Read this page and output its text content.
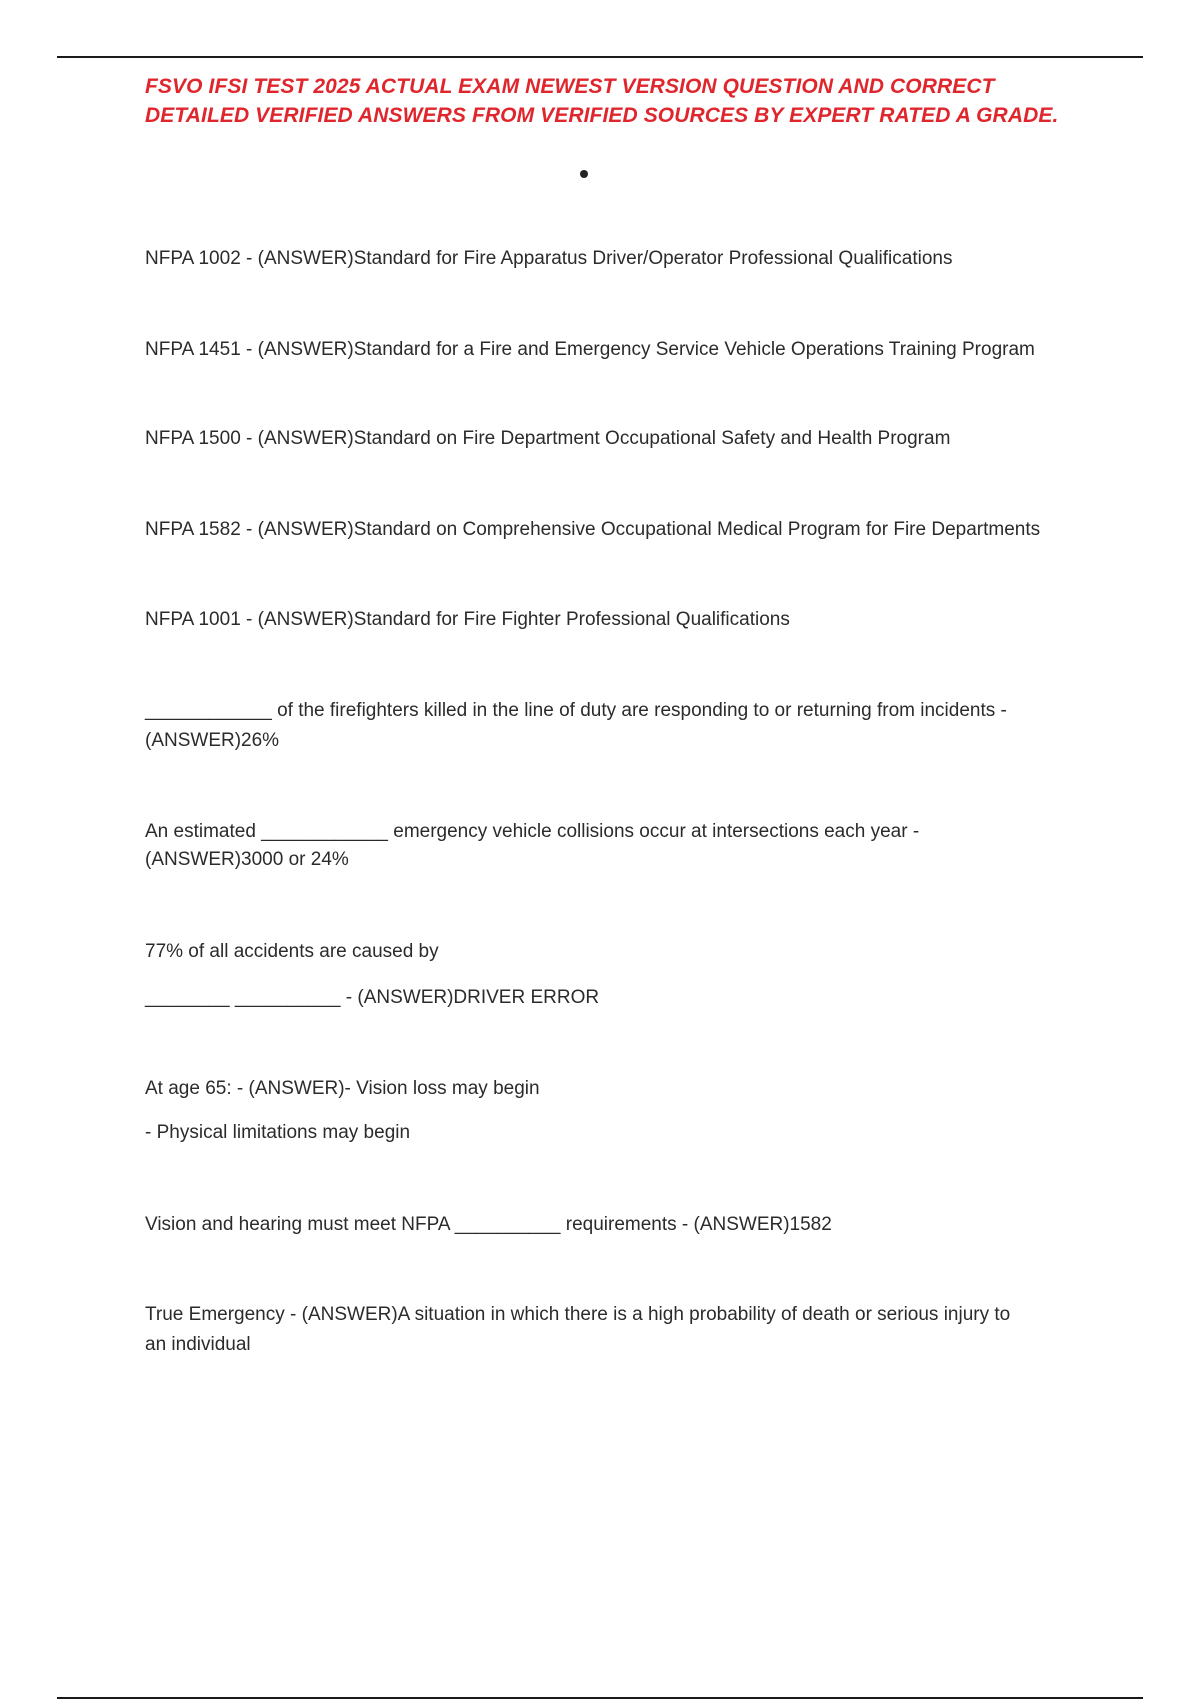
FSVO IFSI TEST 2025 ACTUAL EXAM NEWEST VERSION QUESTION AND CORRECT
DETAILED VERIFIED ANSWERS FROM VERIFIED SOURCES BY EXPERT RATED A GRADE.

NFPA 1002 - (ANSWER)Standard for Fire Apparatus Driver/Operator Professional Qualifications

NFPA 1451 - (ANSWER)Standard for a Fire and Emergency Service Vehicle Operations Training Program

NFPA 1500 - (ANSWER)Standard on Fire Department Occupational Safety and Health Program

NFPA 1582 - (ANSWER)Standard on Comprehensive Occupational Medical Program for Fire Departments

NFPA 1001 - (ANSWER)Standard for Fire Fighter Professional Qualifications

____________ of the firefighters killed in the line of duty are responding to or returning from incidents -
(ANSWER)26%

An estimated ____________ emergency vehicle collisions occur at intersections each year -
(ANSWER)3000 or 24%

77% of all accidents are caused by
________ __________ - (ANSWER)DRIVER ERROR

At age 65: - (ANSWER)- Vision loss may begin
- Physical limitations may begin

Vision and hearing must meet NFPA __________ requirements - (ANSWER)1582

True Emergency - (ANSWER)A situation in which there is a high probability of death or serious injury to
an individual
